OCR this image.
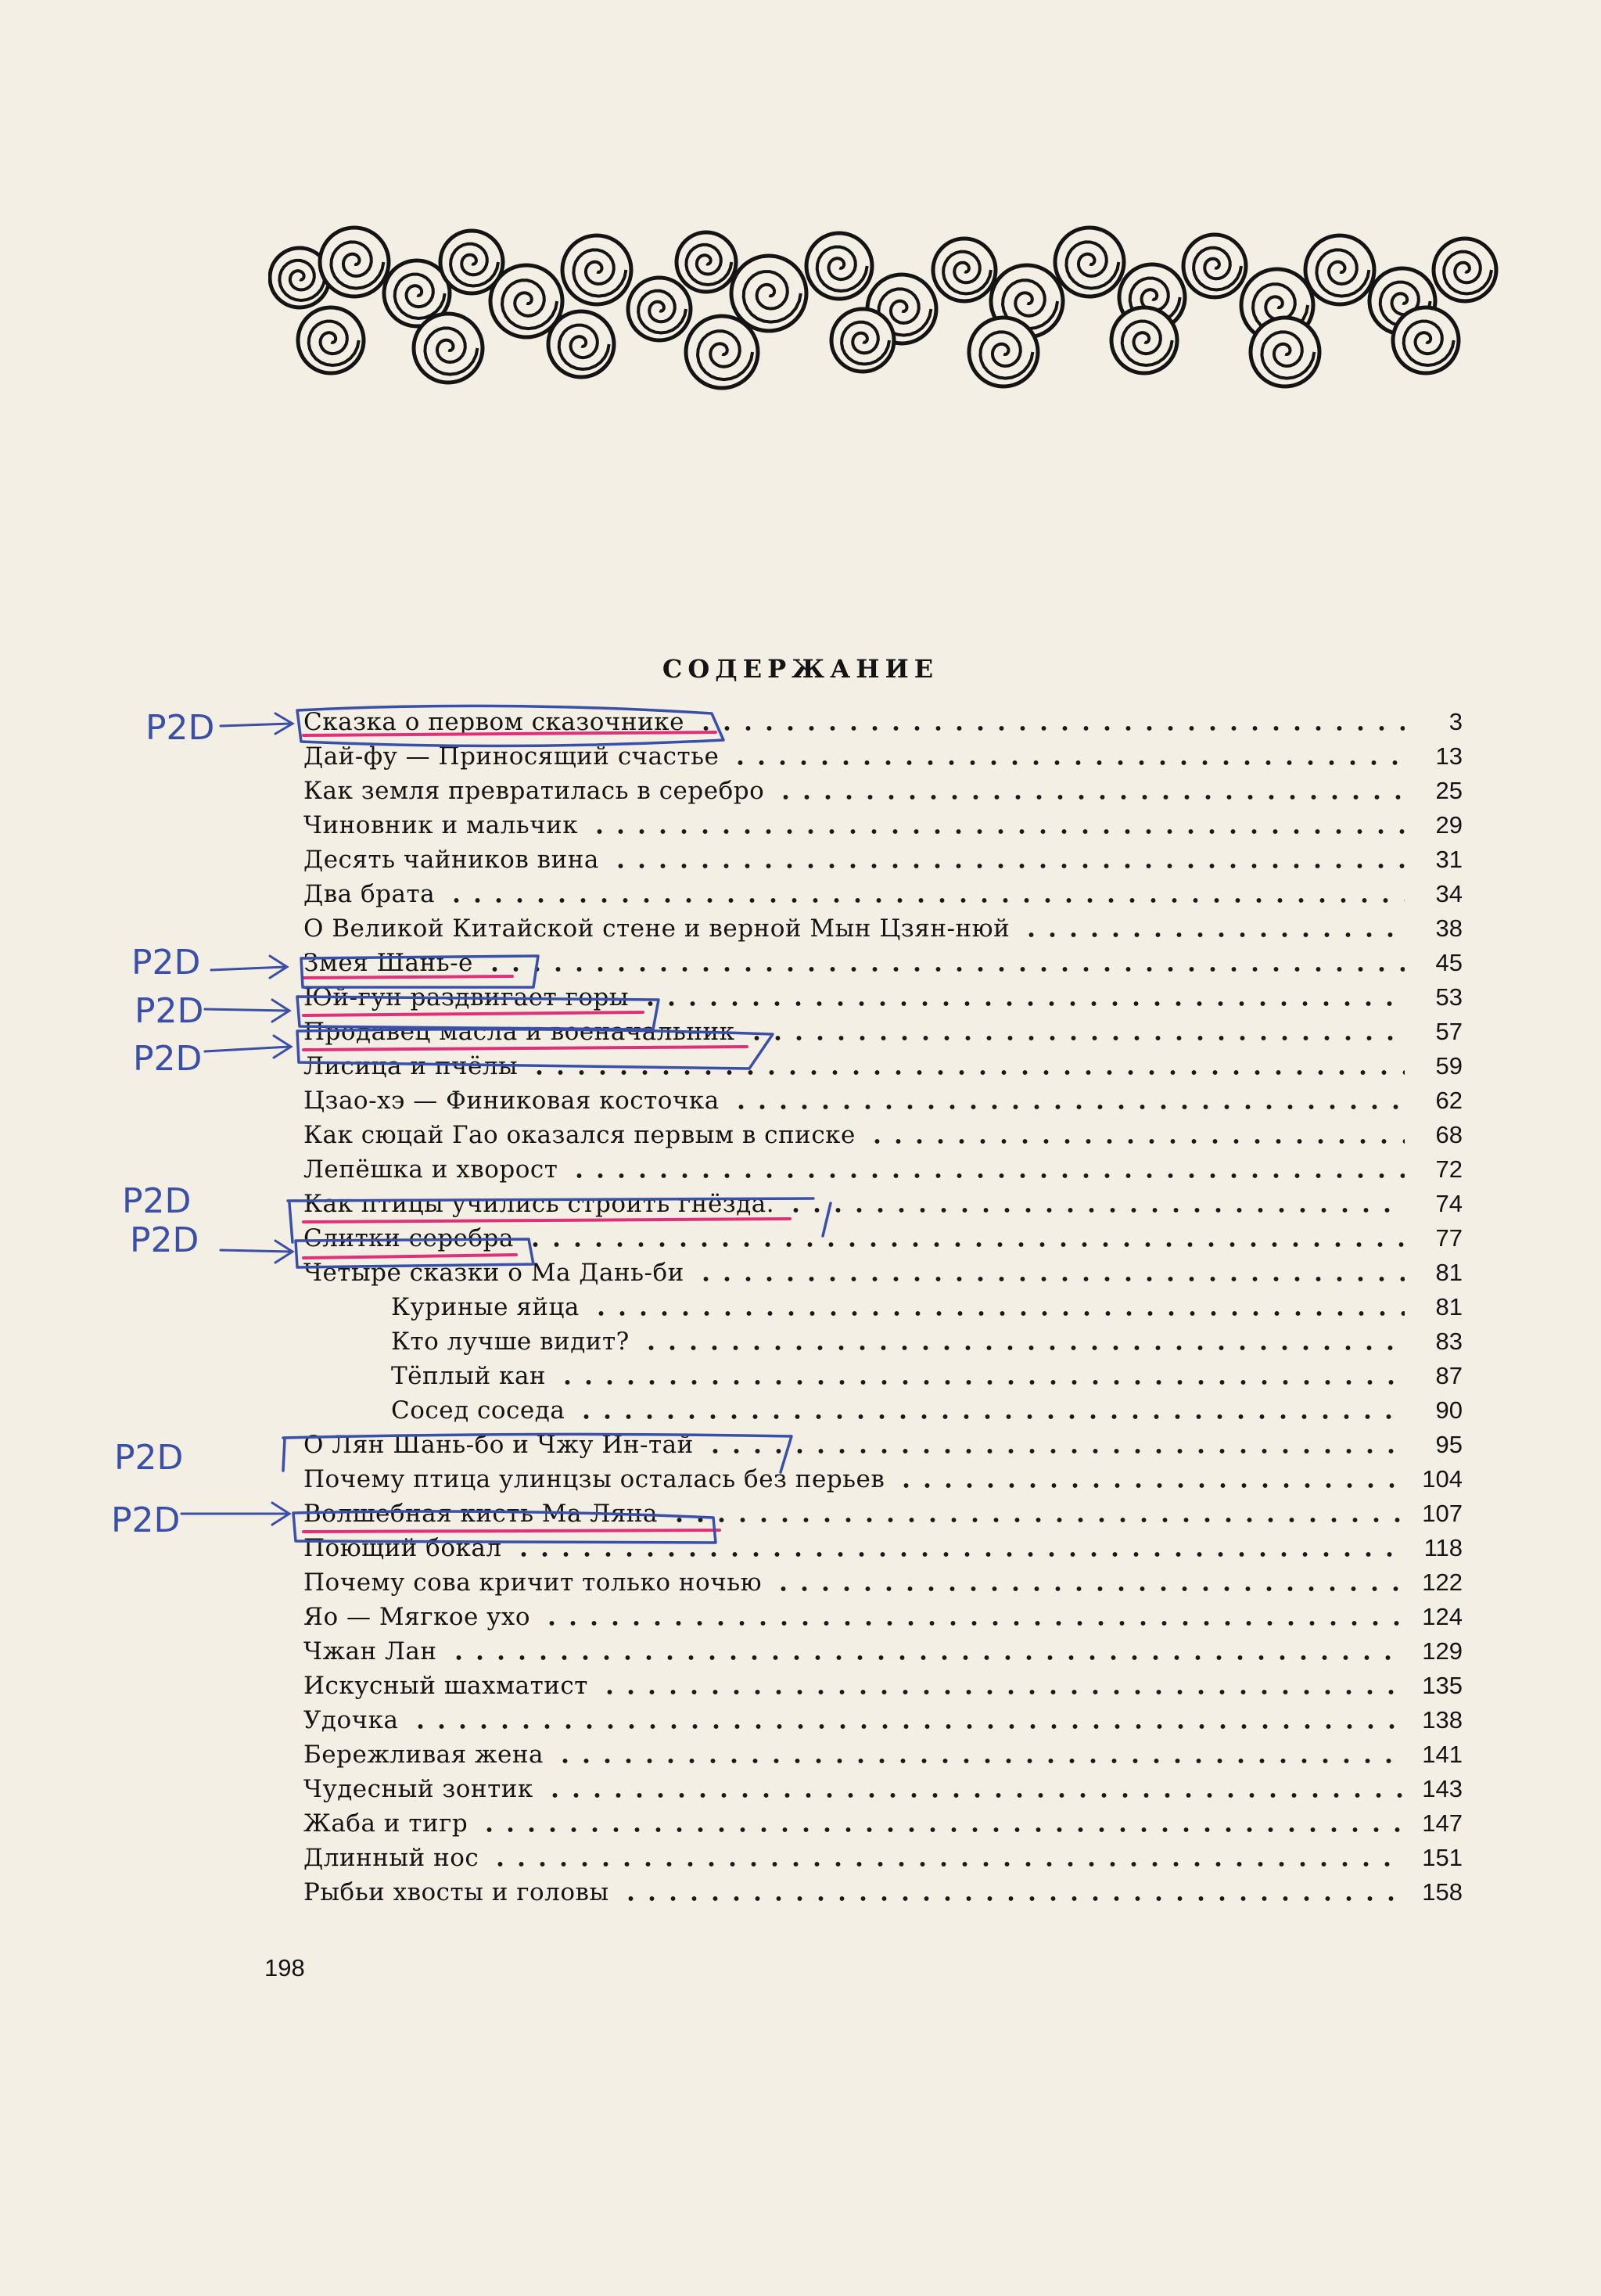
СОДЕРЖАНИЕ
Сказка о первом сказочнике	3
Дай-фу — Приносящий счастье	13
Как земля превратилась в серебро	25
Чиновник и мальчик	29
Десять чайников вина	31
Два брата	34
О Великой Китайской стене и верной Мын Цзян-нюй	38
Змея Шань-е	45
Юй-гун раздвигает горы	53
Продавец масла и военачальник	57
Лисица и пчёлы	59
Цзао-хэ — Финиковая косточка	62
Как сюцай Гао оказался первым в списке	68
Лепёшка и хворост	72
Как птицы учились строить гнёзда.	74
Слитки серебра	77
Четыре сказки о Ма Дань-би	81
Куриные яйца	81
Кто лучше видит?	83
Тёплый кан	87
Сосед соседа	90
О Лян Шань-бо и Чжу Ин-тай	95
Почему птица улинцзы осталась без перьев	104
Волшебная кисть Ма Ляна	107
Поющий бокал	118
Почему сова кричит только ночью	122
Яо — Мягкое ухо	124
Чжан Лан	129
Искусный шахматист	135
Удочка	138
Бережливая жена	141
Чудесный зонтик	143
Жаба и тигр	147
Длинный нос	151
Рыбьи хвосты и головы	158
198
P2D
P2D
P2D
P2D
P2D
P2D
P2D
P2D
